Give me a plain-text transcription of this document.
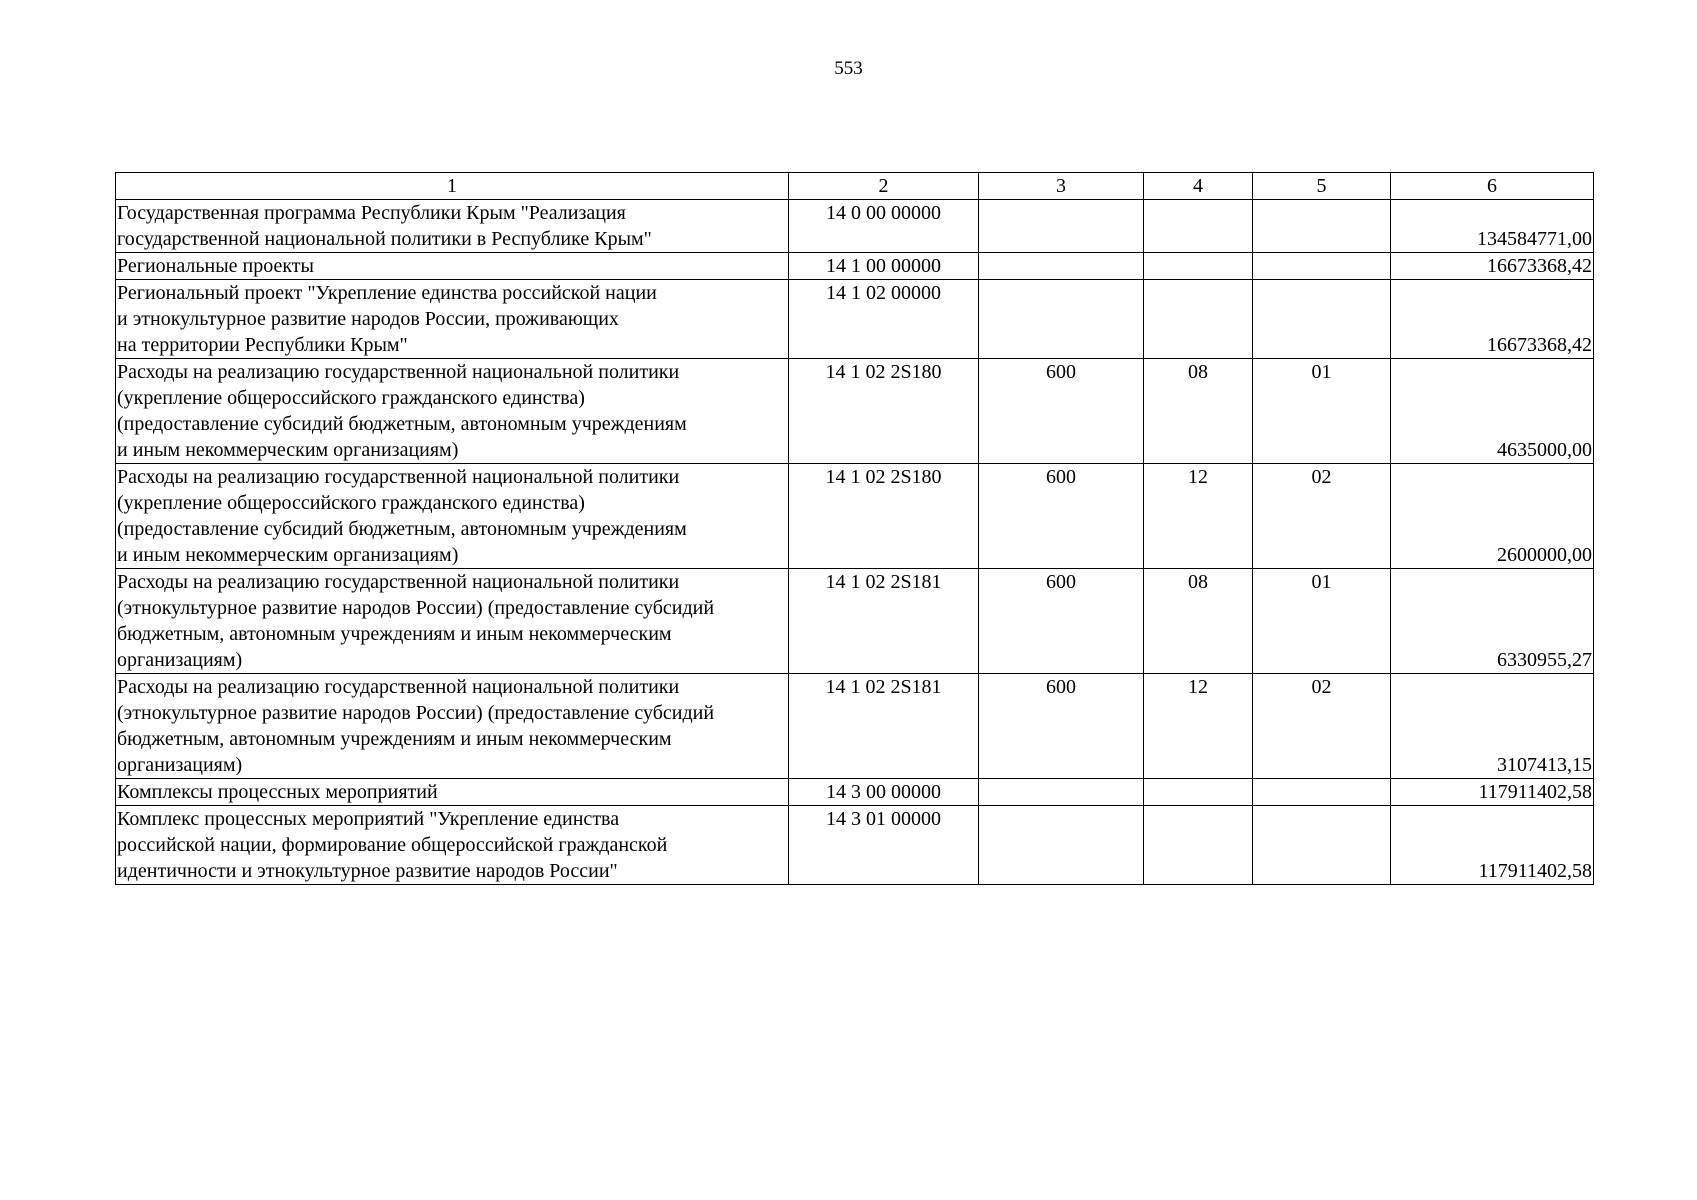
553
1	2	3	4	5	6
Государственная программа Республики Крым "Реализация
государственной национальной политики в Республике Крым"	14 0 00 00000				134584771,00
Региональные проекты	14 1 00 00000				16673368,42
Региональный проект "Укрепление единства российской нации
и этнокультурное развитие народов России, проживающих
на территории Республики Крым"	14 1 02 00000				16673368,42
Расходы на реализацию государственной национальной политики
(укрепление общероссийского гражданского единства)
(предоставление субсидий бюджетным, автономным учреждениям
и иным некоммерческим организациям)	14 1 02 2S180	600	08	01	4635000,00
Расходы на реализацию государственной национальной политики
(укрепление общероссийского гражданского единства)
(предоставление субсидий бюджетным, автономным учреждениям
и иным некоммерческим организациям)	14 1 02 2S180	600	12	02	2600000,00
Расходы на реализацию государственной национальной политики
(этнокультурное развитие народов России) (предоставление субсидий
бюджетным, автономным учреждениям и иным некоммерческим
организациям)	14 1 02 2S181	600	08	01	6330955,27
Расходы на реализацию государственной национальной политики
(этнокультурное развитие народов России) (предоставление субсидий
бюджетным, автономным учреждениям и иным некоммерческим
организациям)	14 1 02 2S181	600	12	02	3107413,15
Комплексы процессных мероприятий	14 3 00 00000				117911402,58
Комплекс процессных мероприятий "Укрепление единства
российской нации, формирование общероссийской гражданской
идентичности и этнокультурное развитие народов России"	14 3 01 00000				117911402,58
